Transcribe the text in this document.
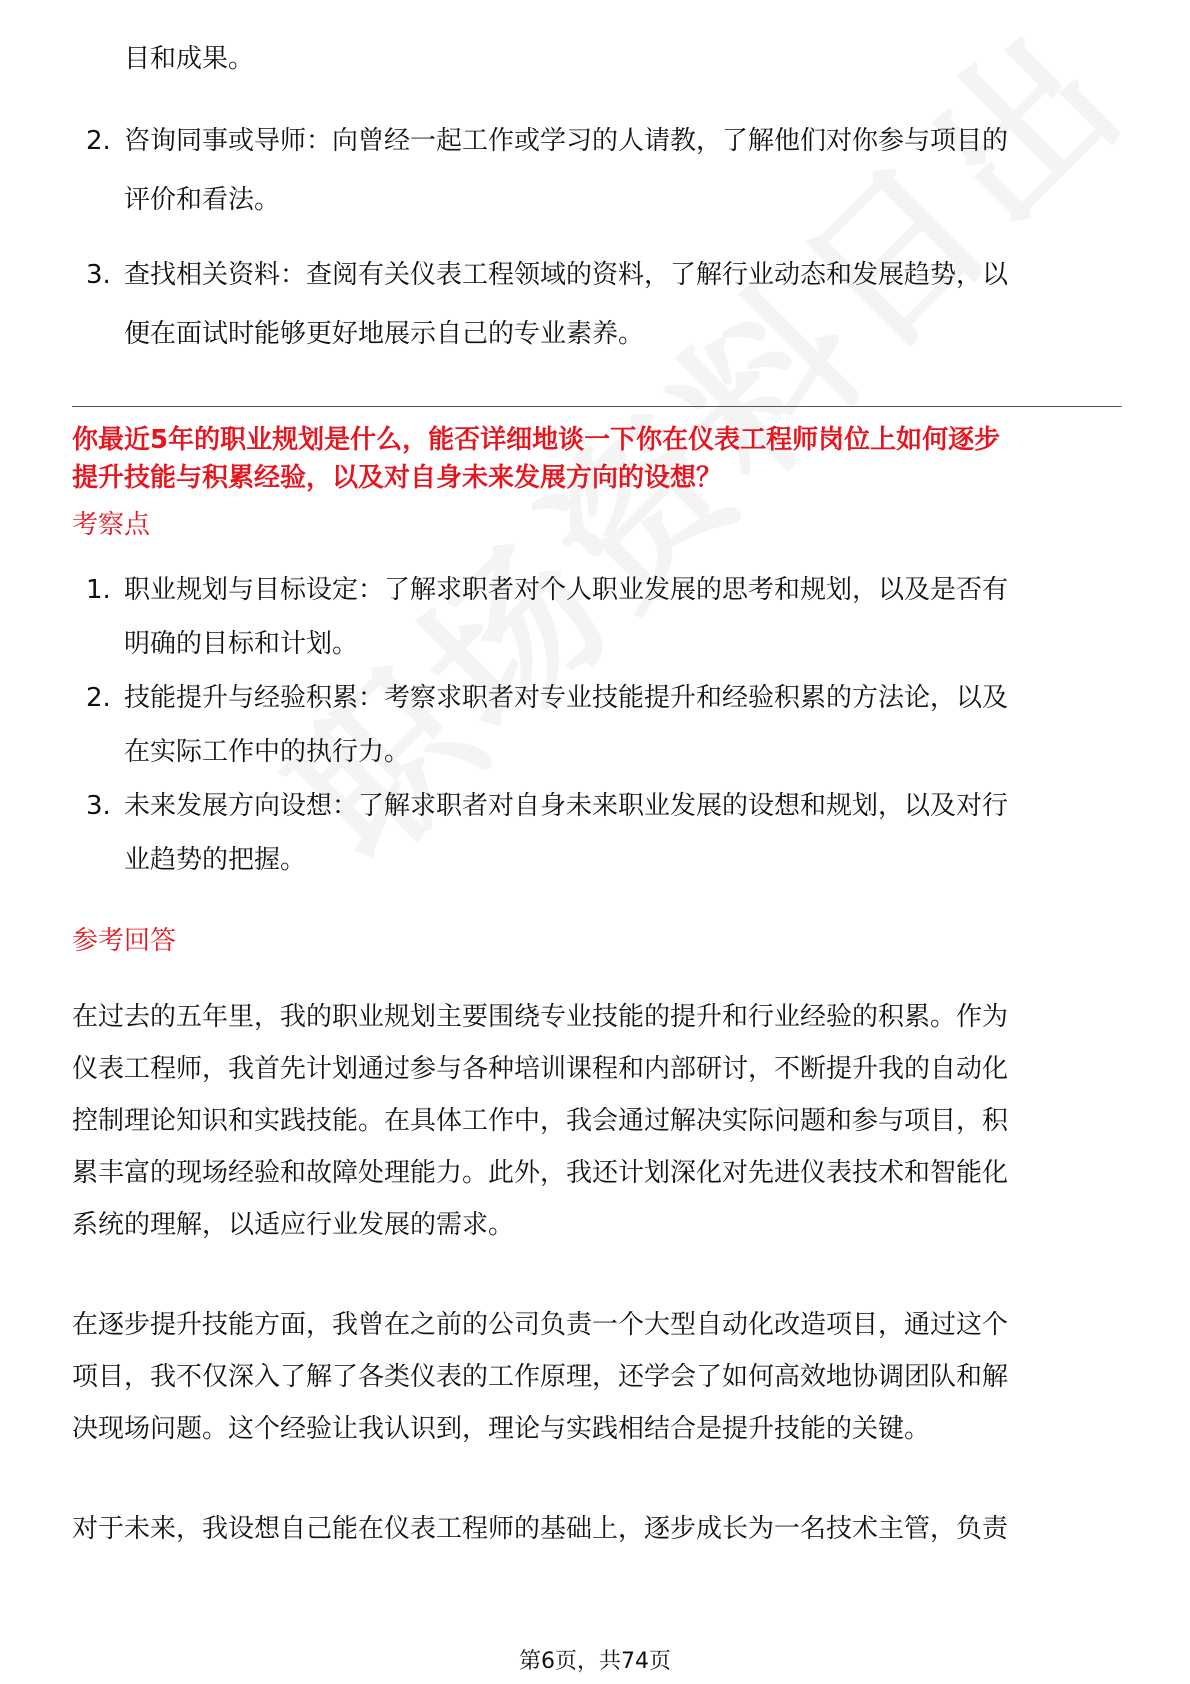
目和成果。
2. 咨询同事或导师：向曾经一起工作或学习的人请教，了解他们对你参与项目的
评价和看法。
3. 查找相关资料：查阅有关仪表工程领域的资料，了解行业动态和发展趋势，以
便在面试时能够更好地展示自己的专业素养。
你最近5年的职业规划是什么，能否详细地谈一下你在仪表工程师岗位上如何逐步
提升技能与积累经验，以及对自身未来发展方向的设想？
考察点
1. 职业规划与目标设定：了解求职者对个人职业发展的思考和规划，以及是否有
明确的目标和计划。
2. 技能提升与经验积累：考察求职者对专业技能提升和经验积累的方法论，以及
在实际工作中的执行力。
3. 未来发展方向设想：了解求职者对自身未来职业发展的设想和规划，以及对行
业趋势的把握。
参考回答
在过去的五年里，我的职业规划主要围绕专业技能的提升和行业经验的积累。作为
仪表工程师，我首先计划通过参与各种培训课程和内部研讨，不断提升我的自动化
控制理论知识和实践技能。在具体工作中，我会通过解决实际问题和参与项目，积
累丰富的现场经验和故障处理能力。此外，我还计划深化对先进仪表技术和智能化
系统的理解，以适应行业发展的需求。
在逐步提升技能方面，我曾在之前的公司负责一个大型自动化改造项目，通过这个
项目，我不仅深入了解了各类仪表的工作原理，还学会了如何高效地协调团队和解
决现场问题。这个经验让我认识到，理论与实践相结合是提升技能的关键。
对于未来，我设想自己能在仪表工程师的基础上，逐步成长为一名技术主管，负责
第6页，共74页
